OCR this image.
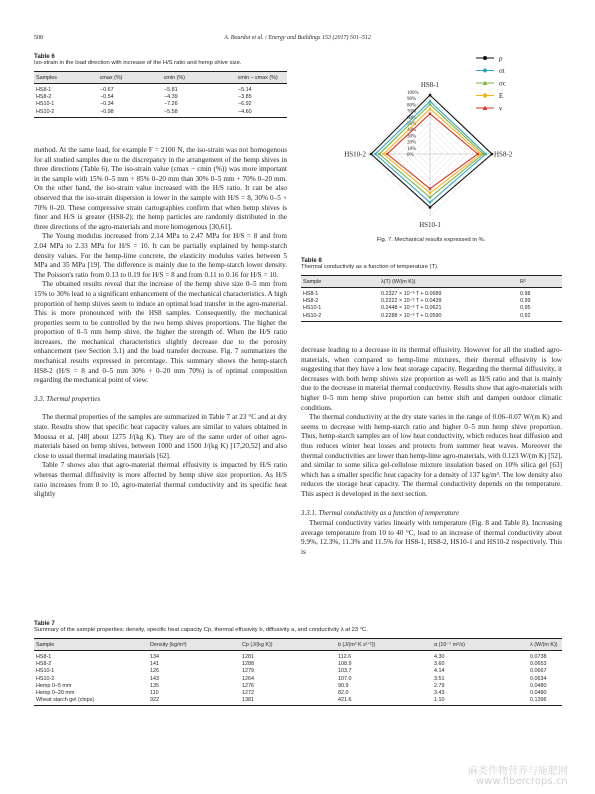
508	A. Bourdot et al. / Energy and Buildings 153 (2017) 501–512
Table 6
Iso-strain in the load direction with increase of the H/S ratio and hemp shive size.
Samples	εmax (%)	εmin (%)	εmin − εmax (%)
HS8-1	−0.67	−5.81	−5.14
HS8-2	−0.54	−4.39	−3.85
HS10-1	−0.34	−7.26	−6.92
HS10-2	−0.98	−5.58	−4.60

method. At the same load, for example F = 2100 N, the iso-strain was not homogenous for all studied samples due to the discrepancy in the arrangement of the hemp shives in three directions (Table 6). The iso-strain value (εmax − εmin (%)) was more important in the sample with 15% 0–5 mm + 85% 0–20 mm than 30% 0–5 mm + 70% 0–20 mm. On the other hand, the iso-strain value increased with the H/S ratio. It can be also observed that the iso-strain dispersion is lower in the sample with H/S = 8, 30% 0–5 + 70% 0–20. These compressive strain cartographies confirm that when hemp shives is finer and H/S is greater (HS8-2); the hemp particles are randomly distributed in the three directions of the agro-materials and more homogenous [30,61].

The Young modulus increased from 2.14 MPa to 2.47 MPa for H/S = 8 and from 2.04 MPa to 2.33 MPa for H/S = 10. It can be partially explained by hemp-starch density values. For the hemp-lime concrete, the elasticity modulus varies between 5 MPa and 35 MPa [19]. The difference is mainly due to the hemp-starch lower density. The Poisson's ratio from 0.13 to 0.19 for H/S = 8 and from 0.11 to 0.16 for H/S = 10.

The obtained results reveal that the increase of the hemp shive size 0–5 mm from 15% to 30% lead to a significant enhancement of the mechanical characteristics. A high proportion of hemp shives seem to induce an optimal load transfer in the agro-material. This is more pronounced with the HS8 samples. Consequently, the mechanical properties seem to be controlled by the two hemp shives proportions. The higher the proportion of 0–5 mm hemp shive, the higher the strength of. When the H/S ratio increases, the mechanical characteristics slightly decrease due to the porosity enhancement (see Section 3.1) and the load transfer decrease. Fig. 7 summarizes the mechanical results expressed in percentage. This summary shows the hemp-starch HS8-2 (H/S = 8 and 0–5 mm 30% + 0–20 mm 70%) is of optimal composition regarding the mechanical point of view.

3.3. Thermal properties

The thermal properties of the samples are summarized in Table 7 at 23 °C and at dry state. Results show that specific heat capacity values are similar to values obtained in Moussa et al. [48] about 1275 J/(kg K). They are of the same order of other agro-materials based on hemp shives, between 1000 and 1500 J/(kg K) [17,20,52] and also close to usual thermal insulating materials [62].

Table 7 shows also that agro-material thermal effusivity is impacted by H/S ratio whereas thermal diffusivity is more affected by hemp shive size proportion. As H/S ratio increases from 8 to 10, agro-material thermal conductivity and its specific heat slightly

100%
90%
80%
70%
60%
50%
40%
30%
20%
10%
0%
HS8-1
HS8-2
HS10-1
HS10-2
ρ
σt
σc
E
ν
Fig. 7. Mechanical results expressed in %.
Table 8
Thermal conductivity as a function of temperature (T).
Sample	λ(T) (W/(m K))	R²
HS8-1	0.2327 × 10⁻³ T + 0.0689	0.98
HS8-2	0.2222 × 10⁻³ T + 0.0439	0.99
HS10-1	0.2448 × 10⁻³ T + 0.0621	0.95
HS10-2	0.2288 × 10⁻³ T + 0.0590	0.92

decrease leading to a decrease in its thermal effusivity. However for all the studied agro-materials, when compared to hemp-lime mixtures, their thermal effusivity is low suggesting that they have a low heat storage capacity. Regarding the thermal diffusivity, it decreases with both hemp shives size proportion as well as H/S ratio and that is mainly due to the decrease in material thermal conductivity. Results show that agro-materials with higher 0–5 mm hemp shive proportion can better shift and dampen outdoor climatic conditions.

The thermal conductivity at the dry state varies in the range of 0.06–0.07 W/(m K) and seems to decrease with hemp-starch ratio and higher 0–5 mm hemp shive proportion. Thus, hemp-starch samples are of low heat conductivity, which reduces heat diffusion and thus reduces winter heat losses and protects from summer heat waves. Moreover the thermal conductivities are lower than hemp-lime agro-materials, with 0.123 W/(m K) [52], and similar to some silica gel-cellulose mixture insulation based on 10% silica gel [63] which has a smaller specific heat capacity for a density of 137 kg/m³. The low density also reduces the storage heat capacity. The thermal conductivity depends on the temperature. This aspect is developed in the next section.

3.3.1. Thermal conductivity as a function of temperature

Thermal conductivity varies linearly with temperature (Fig. 8 and Table 8). Increasing average temperature from 10 to 40 °C, lead to an increase of thermal conductivity about 9.9%, 12.3%, 11.3% and 11.5% for HS8-1, HS8-2, HS10-1 and HS10-2 respectively. This is

Table 7
Summary of the sample properties: density, specific heat capacity Cp, thermal effusivity b, diffusivity a, and conductivity λ at 23 °C.
Sample	Density (kg/m³)	Cp (J/(kg K))	b (J/(m² K s¹ᐟ²))	α (10⁻⁷ m²/s)	λ (W/(m K))
HS8-1	134	1281	112.6	4.30	0.0738
HS8-2	141	1288	108.9	3.60	0.0653
HS10-1	126	1279	103.7	4.14	0.0667
HS10-2	143	1264	107.0	3.51	0.0634
Hemp 0–5 mm	135	1276	90.9	2.79	0.0480
Hemp 0–20 mm	110	1272	82.0	3.43	0.0480
Wheat starch gel (chips)	922	1381	421.6	1.10	0.1396
麻类作物营养与施肥网
www.fibercrops.cn
